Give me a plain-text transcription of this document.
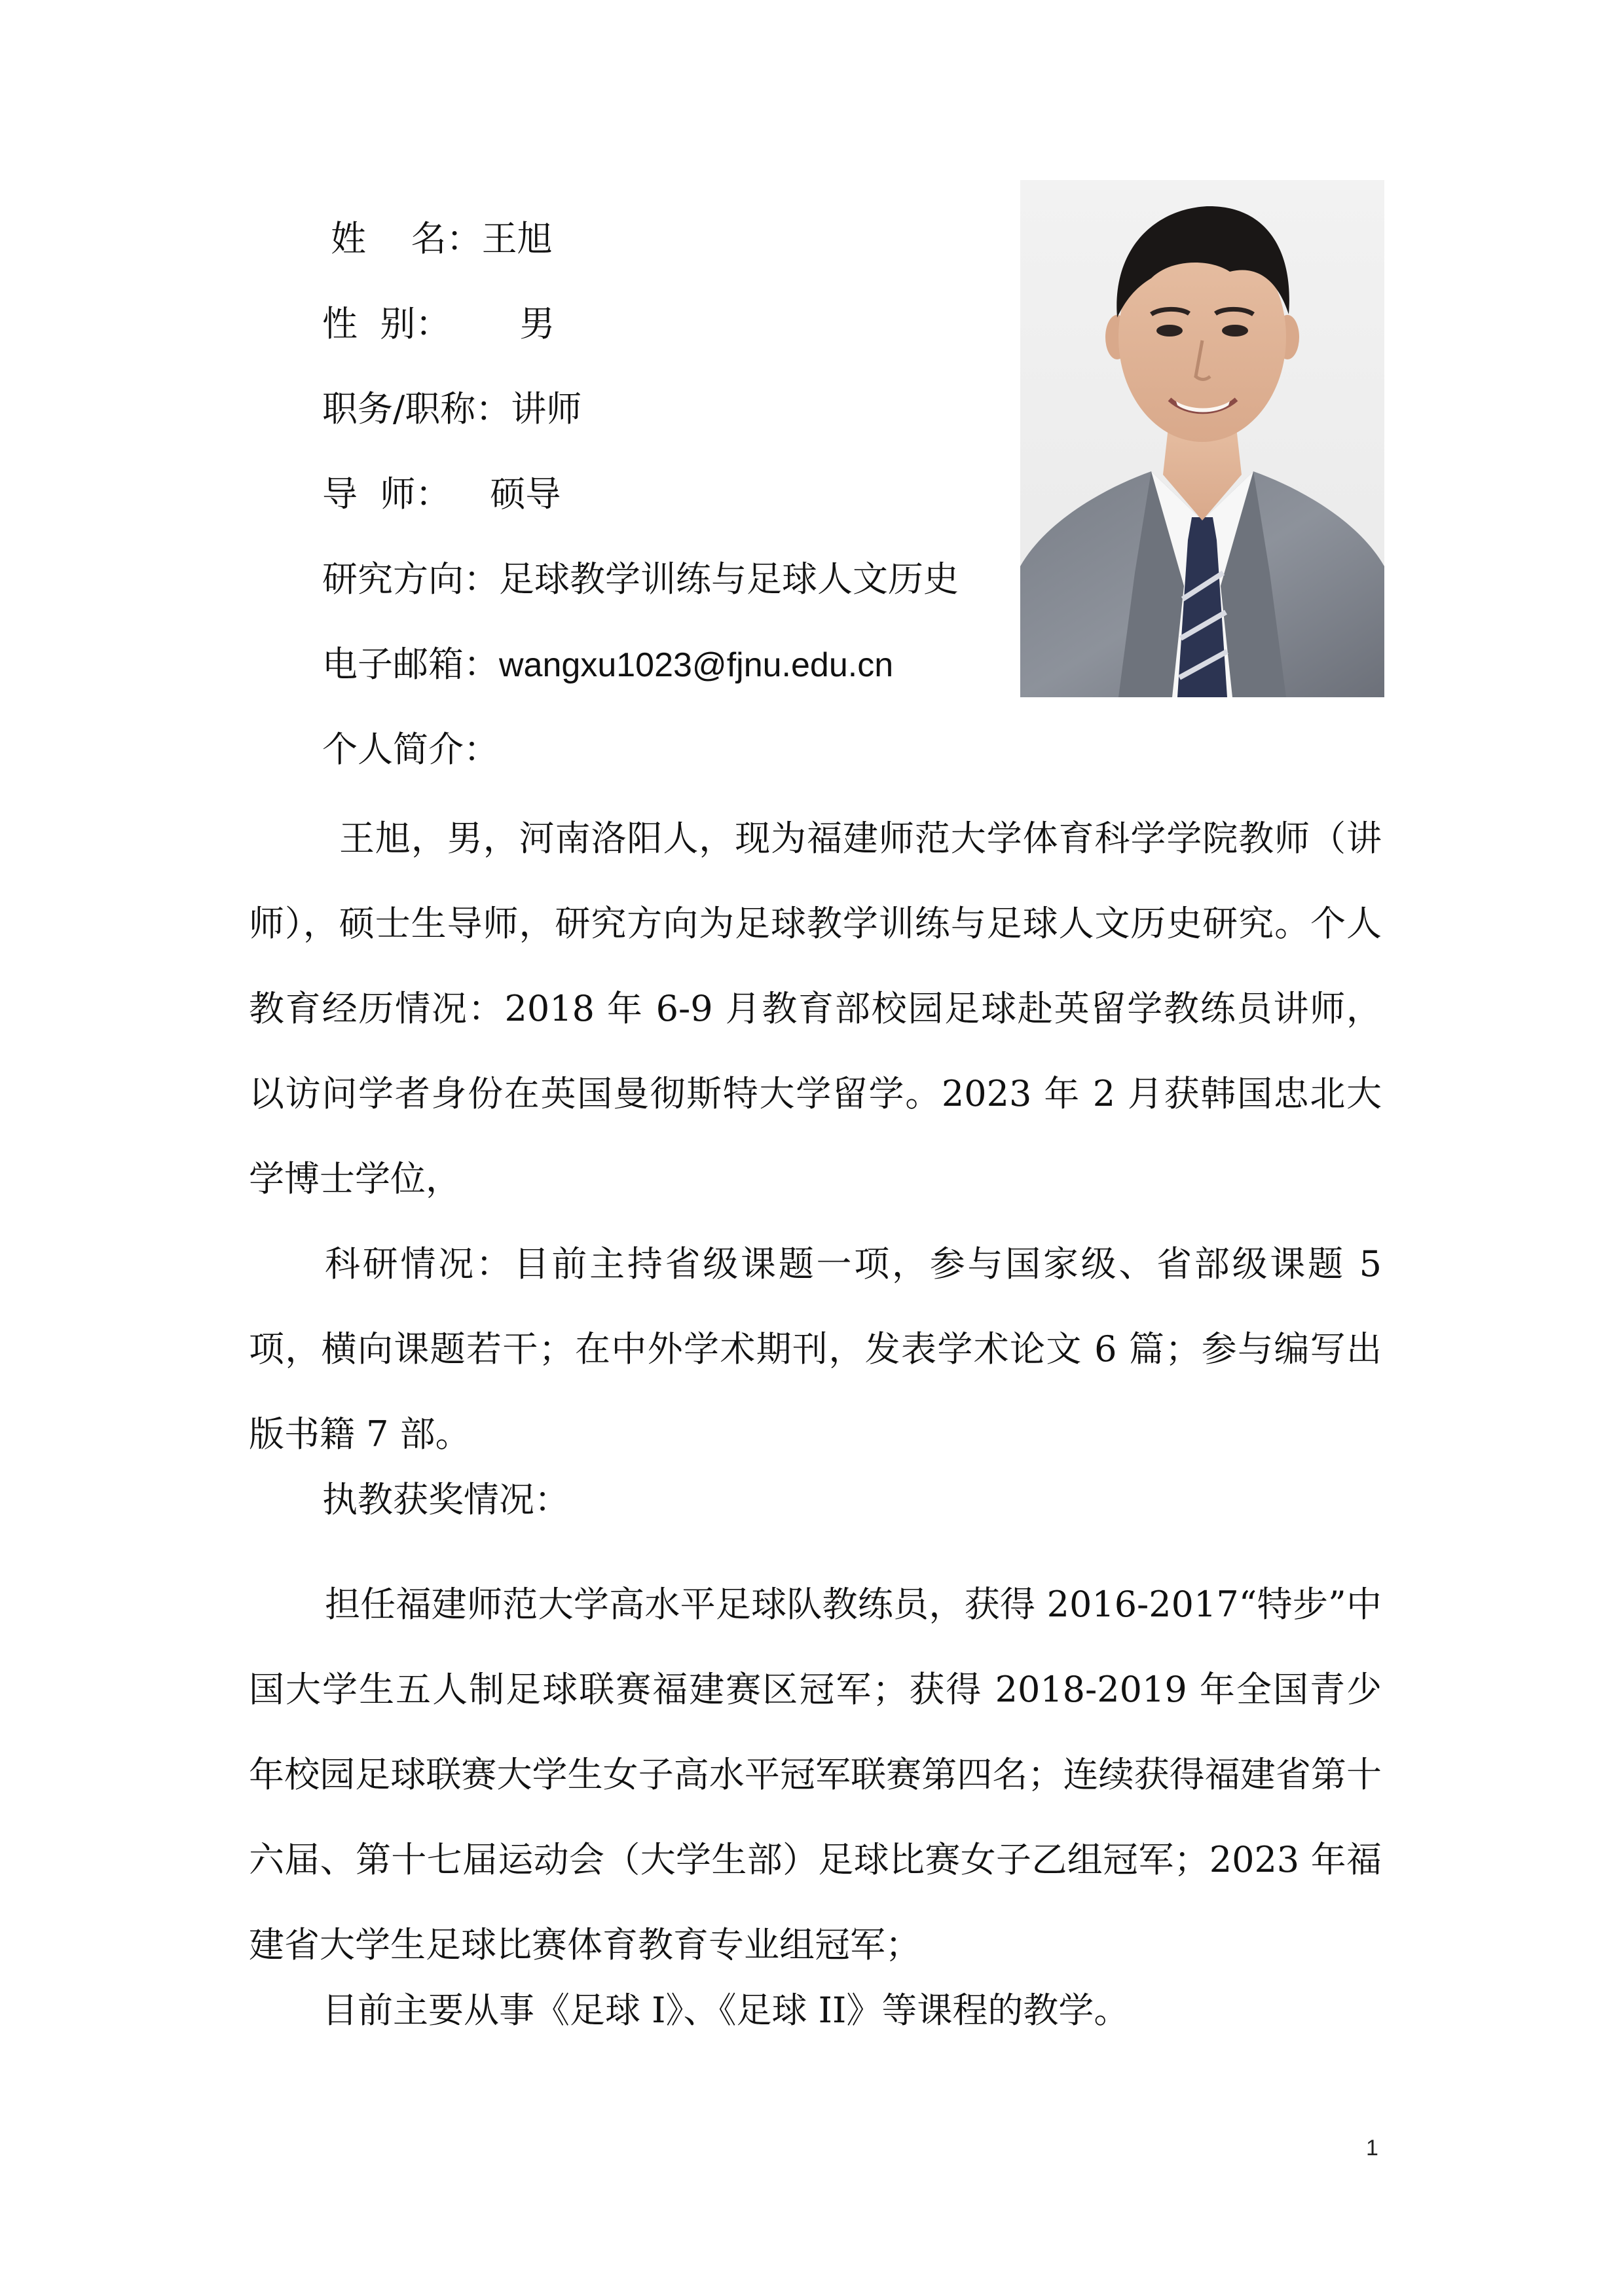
姓    名：王旭
性  别： 男
职务/职称：讲师
导  师： 硕导
研究方向：足球教学训练与足球人文历史
电子邮箱：wangxu1023@fjnu.edu.cn
个人简介：

王旭，男，河南洛阳人，现为福建师范大学体育科学学院教师（讲师），硕士生导师，研究方向为足球教学训练与足球人文历史研究。个人教育经历情况：2018 年 6-9 月教育部校园足球赴英留学教练员讲师，以访问学者身份在英国曼彻斯特大学留学。2023 年 2 月获韩国忠北大学博士学位，

科研情况：目前主持省级课题一项，参与国家级、省部级课题 5 项，横向课题若干；在中外学术期刊，发表学术论文 6 篇；参与编写出版书籍 7 部。

执教获奖情况：

担任福建师范大学高水平足球队教练员，获得 2016-2017“特步”中国大学生五人制足球联赛福建赛区冠军；获得 2018-2019 年全国青少年校园足球联赛大学生女子高水平冠军联赛第四名；连续获得福建省第十六届、第十七届运动会（大学生部）足球比赛女子乙组冠军；2023 年福建省大学生足球比赛体育教育专业组冠军；

目前主要从事《足球 I》、《足球 II》等课程的教学。
1
